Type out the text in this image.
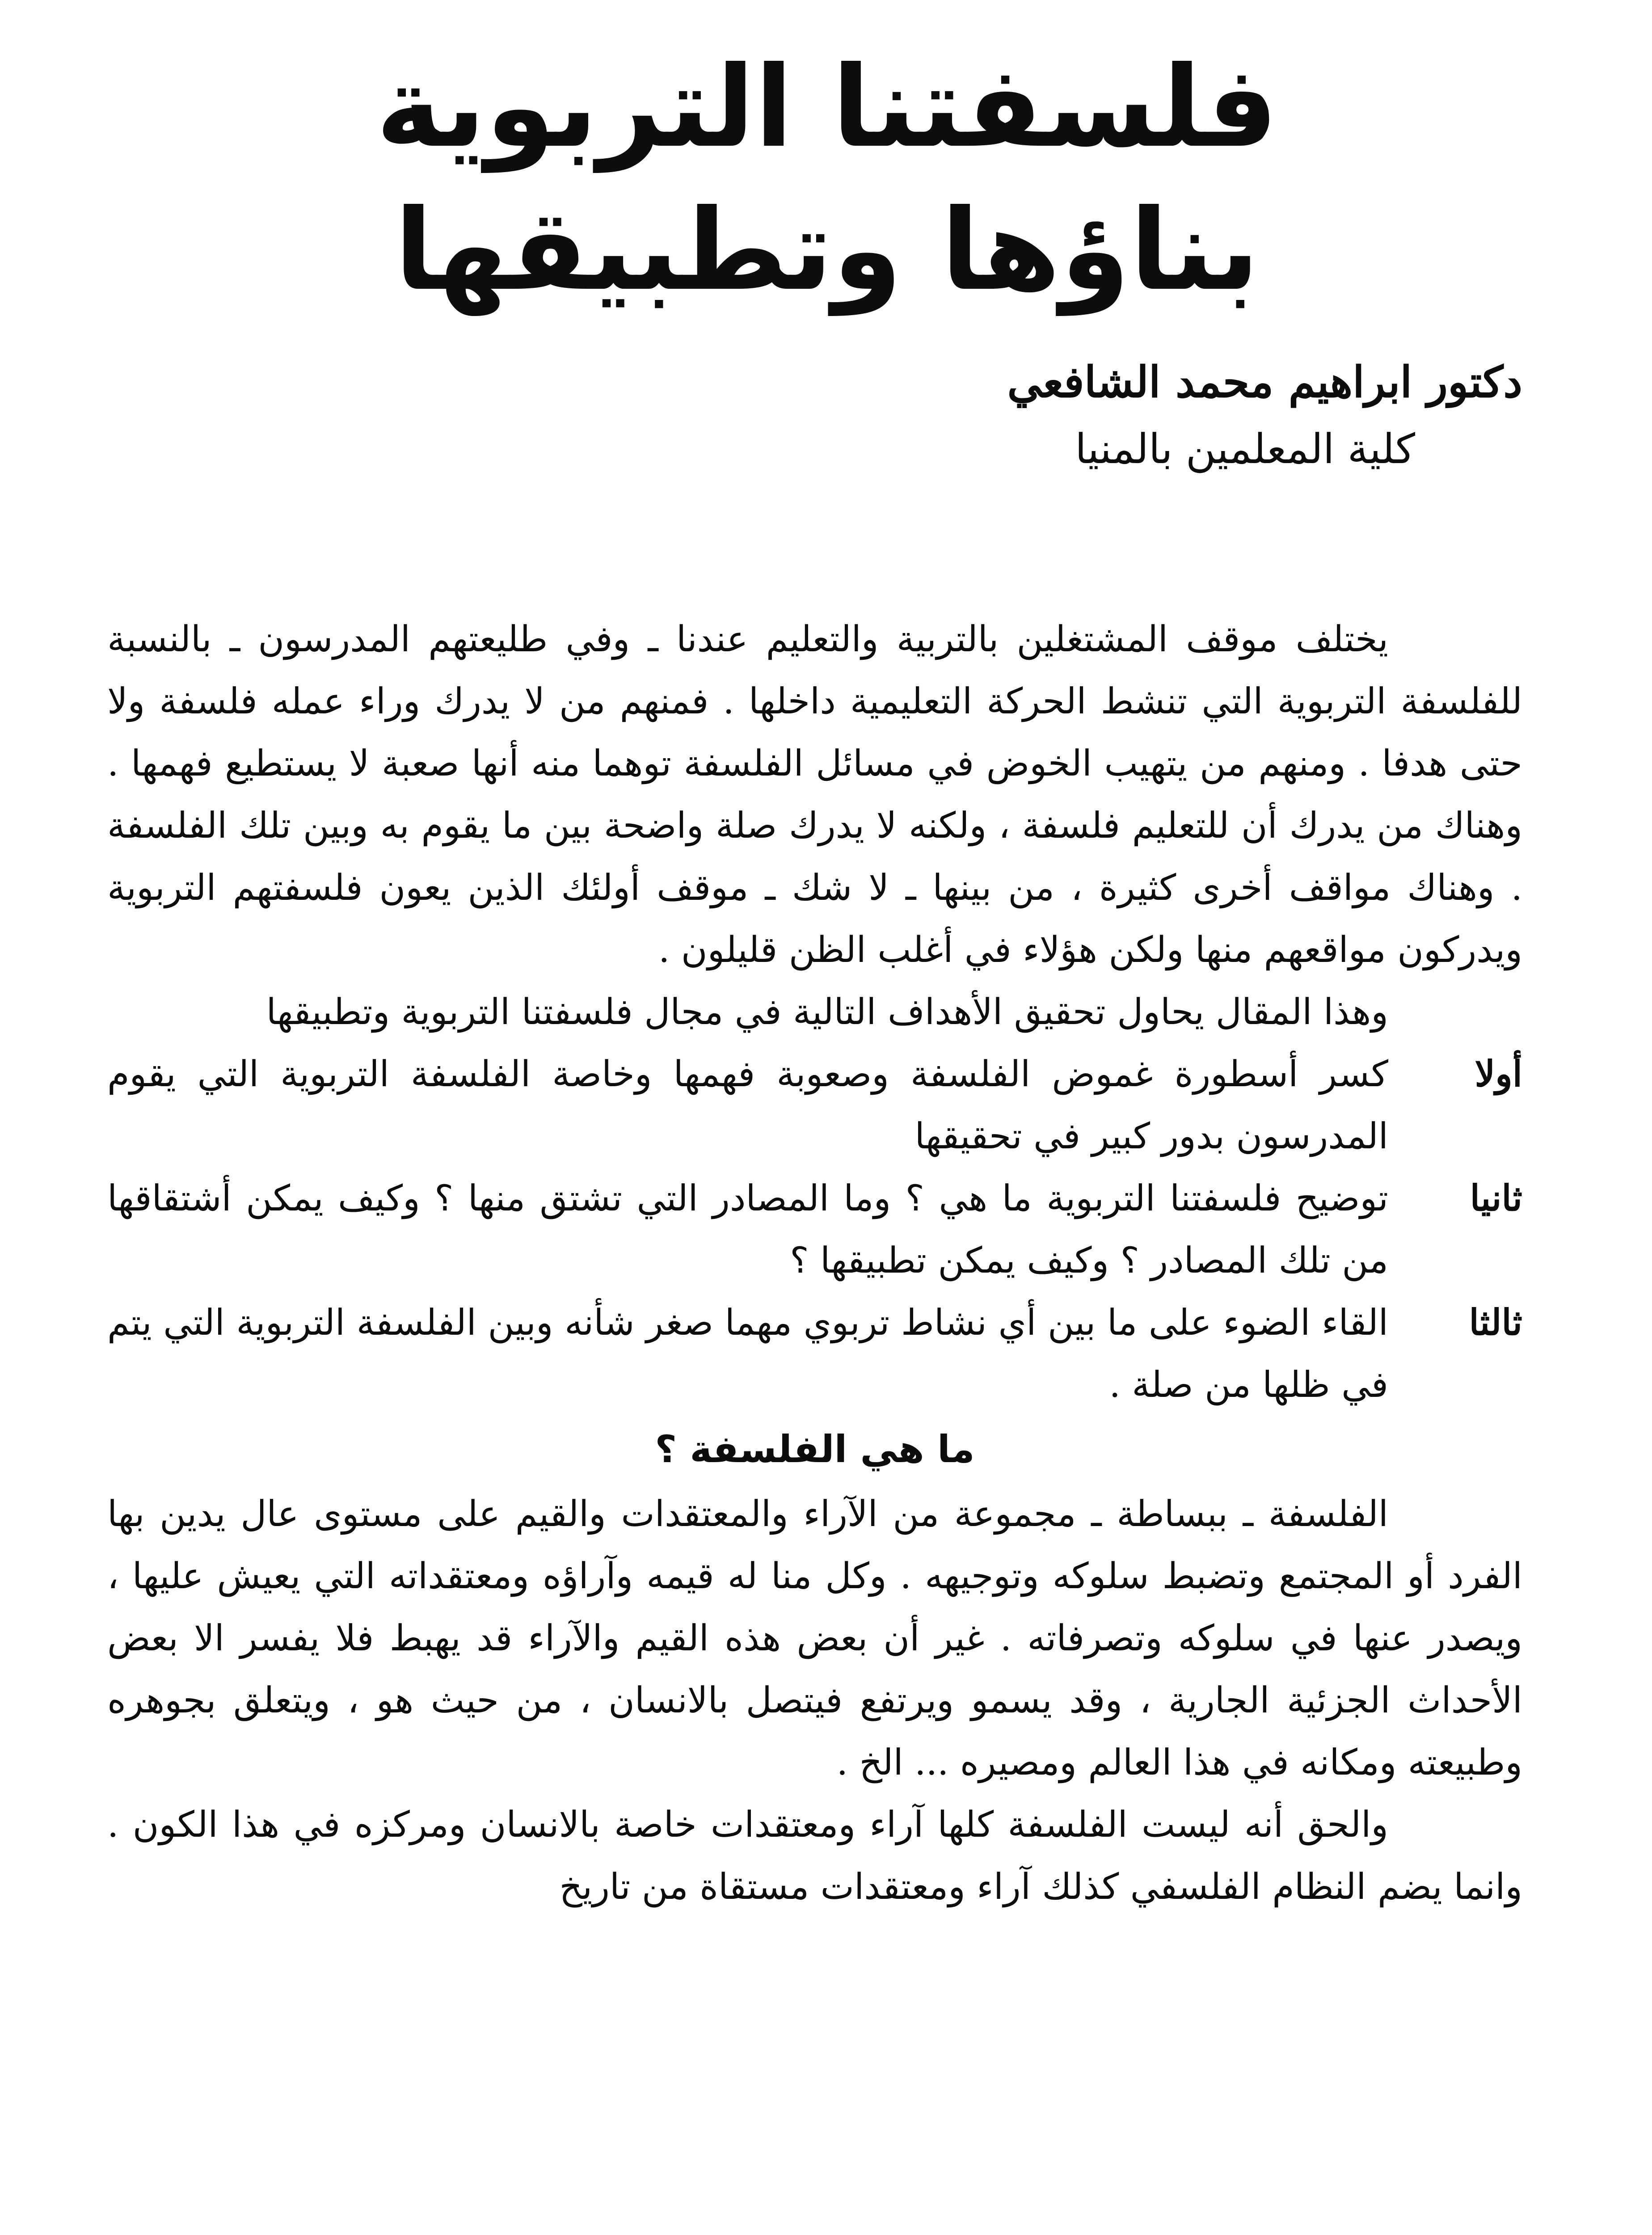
فلسفتنا التربوية
بناؤها وتطبيقها
دكتور ابراهيم محمد الشافعي
كلية المعلمين بالمنيا

يختلف موقف المشتغلين بالتربية والتعليم عندنا ـ وفي طليعتهم المدرسون ـ بالنسبة للفلسفة التربوية التي تنشط الحركة التعليمية داخلها . فمنهم من لا يدرك وراء عمله فلسفة ولا حتى هدفا . ومنهم من يتهيب الخوض في مسائل الفلسفة توهما منه أنها صعبة لا يستطيع فهمها . وهناك من يدرك أن للتعليم فلسفة ، ولكنه لا يدرك صلة واضحة بين ما يقوم به وبين تلك الفلسفة . وهناك مواقف أخرى كثيرة ، من بينها ـ لا شك ـ موقف أولئك الذين يعون فلسفتهم التربوية ويدركون مواقعهم منها ولكن هؤلاء في أغلب الظن قليلون .

وهذا المقال يحاول تحقيق الأهداف التالية في مجال فلسفتنا التربوية وتطبيقها

أولا
كسر أسطورة غموض الفلسفة وصعوبة فهمها وخاصة الفلسفة التربوية التي يقوم المدرسون بدور كبير في تحقيقها
ثانيا
توضيح فلسفتنا التربوية ما هي ؟ وما المصادر التي تشتق منها ؟ وكيف يمكن أشتقاقها من تلك المصادر ؟ وكيف يمكن تطبيقها ؟
ثالثا
القاء الضوء على ما بين أي نشاط تربوي مهما صغر شأنه وبين الفلسفة التربوية التي يتم في ظلها من صلة .

ما هي الفلسفة ؟

الفلسفة ـ ببساطة ـ مجموعة من الآراء والمعتقدات والقيم على مستوى عال يدين بها الفرد أو المجتمع وتضبط سلوكه وتوجيهه . وكل منا له قيمه وآراؤه ومعتقداته التي يعيش عليها ، ويصدر عنها في سلوكه وتصرفاته . غير أن بعض هذه القيم والآراء قد يهبط فلا يفسر الا بعض الأحداث الجزئية الجارية ، وقد يسمو ويرتفع فيتصل بالانسان ، من حيث هو ، ويتعلق بجوهره وطبيعته ومكانه في هذا العالم ومصيره ... الخ .

والحق أنه ليست الفلسفة كلها آراء ومعتقدات خاصة بالانسان ومركزه في هذا الكون . وانما يضم النظام الفلسفي كذلك آراء ومعتقدات مستقاة من تاريخ
